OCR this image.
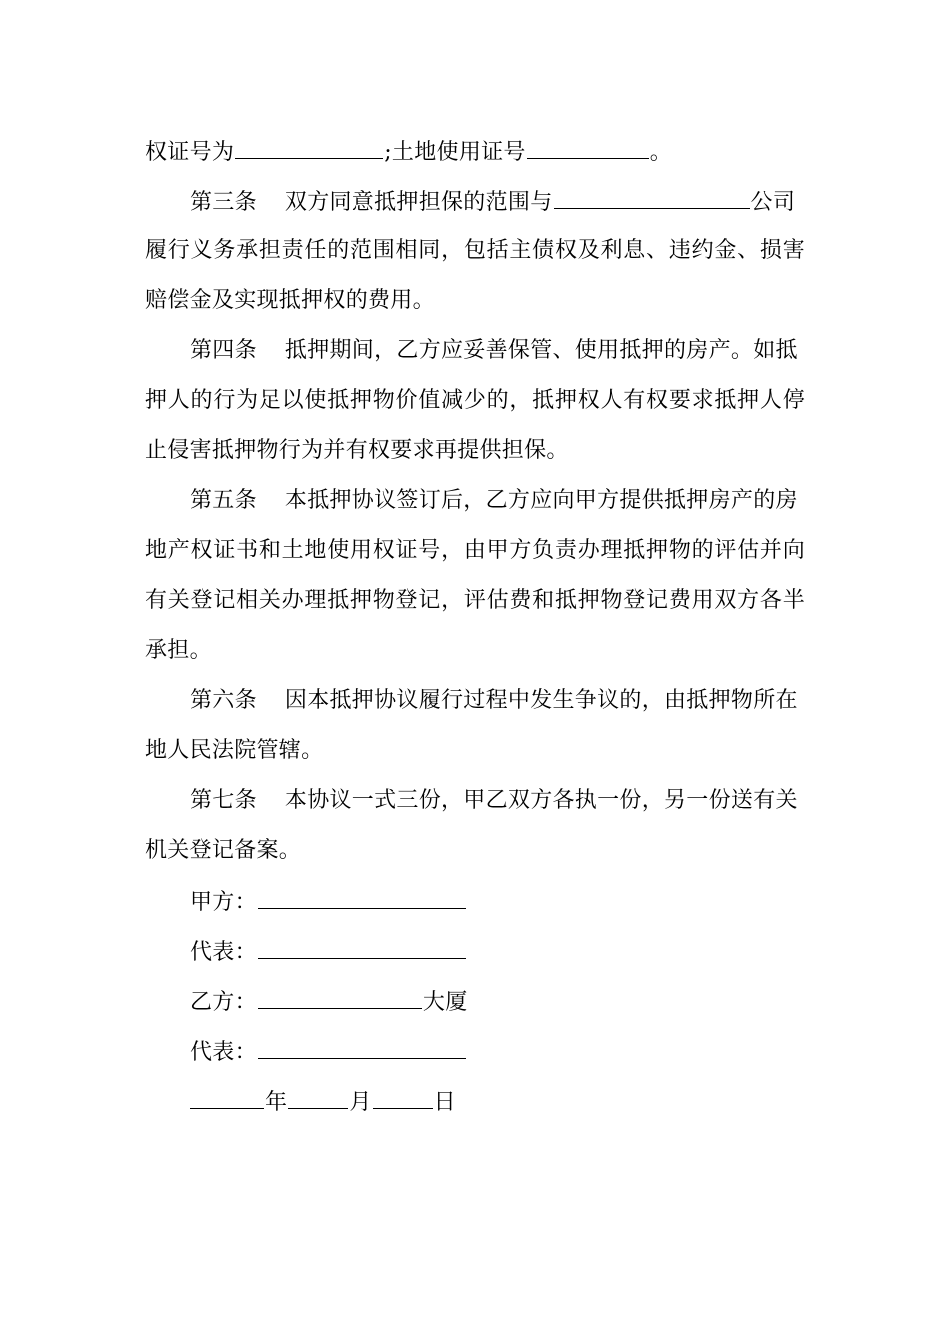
权证号为	;土地使用证号	。
第三条 双方同意抵押担保的范围与	公司
履行义务承担责任的范围相同，包括主债权及利息、违约金、损害
赔偿金及实现抵押权的费用。
第四条 抵押期间，乙方应妥善保管、使用抵押的房产。如抵
押人的行为足以使抵押物价值减少的，抵押权人有权要求抵押人停
止侵害抵押物行为并有权要求再提供担保。
第五条 本抵押协议签订后，乙方应向甲方提供抵押房产的房
地产权证书和土地使用权证号，由甲方负责办理抵押物的评估并向
有关登记相关办理抵押物登记，评估费和抵押物登记费用双方各半
承担。
第六条 因本抵押协议履行过程中发生争议的，由抵押物所在
地人民法院管辖。
第七条 本协议一式三份，甲乙双方各执一份，另一份送有关
机关登记备案。
甲方：
代表：
乙方：	大厦
代表：
年	月	日
